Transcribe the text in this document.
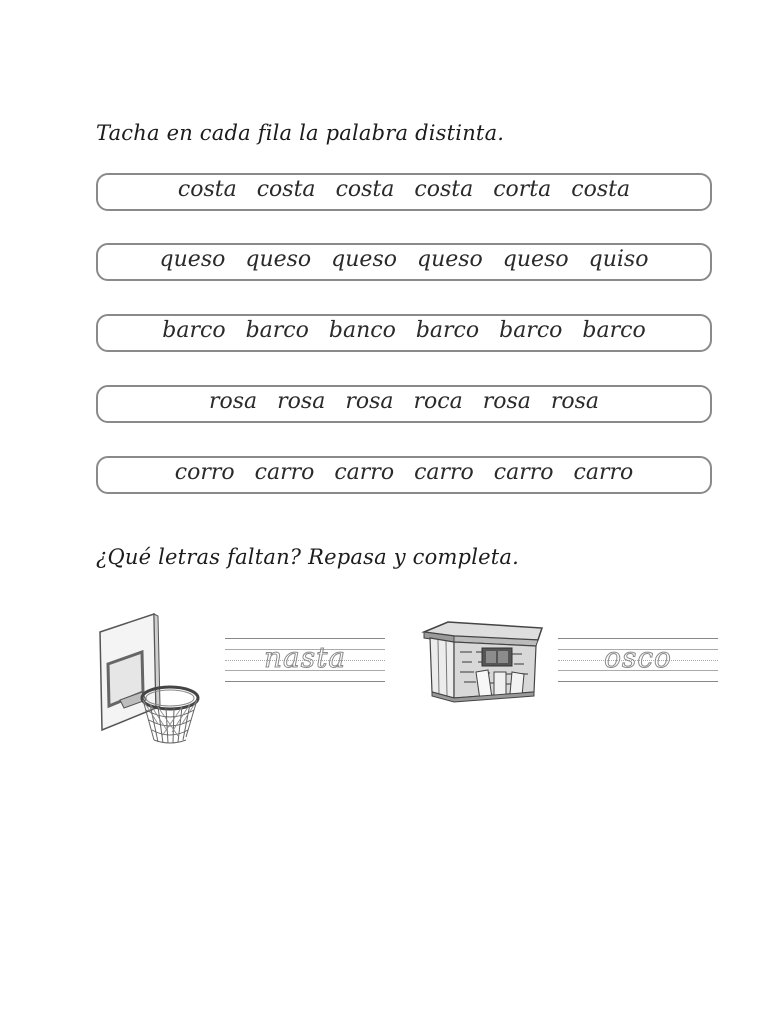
Tacha en cada fila la palabra distinta.
costa costa costa costa corta costa
queso queso queso queso queso quiso
barco barco banco barco barco barco
rosa rosa rosa roca rosa rosa
corro carro carro carro carro carro
¿Qué letras faltan? Repasa y completa.
nasta	osco
